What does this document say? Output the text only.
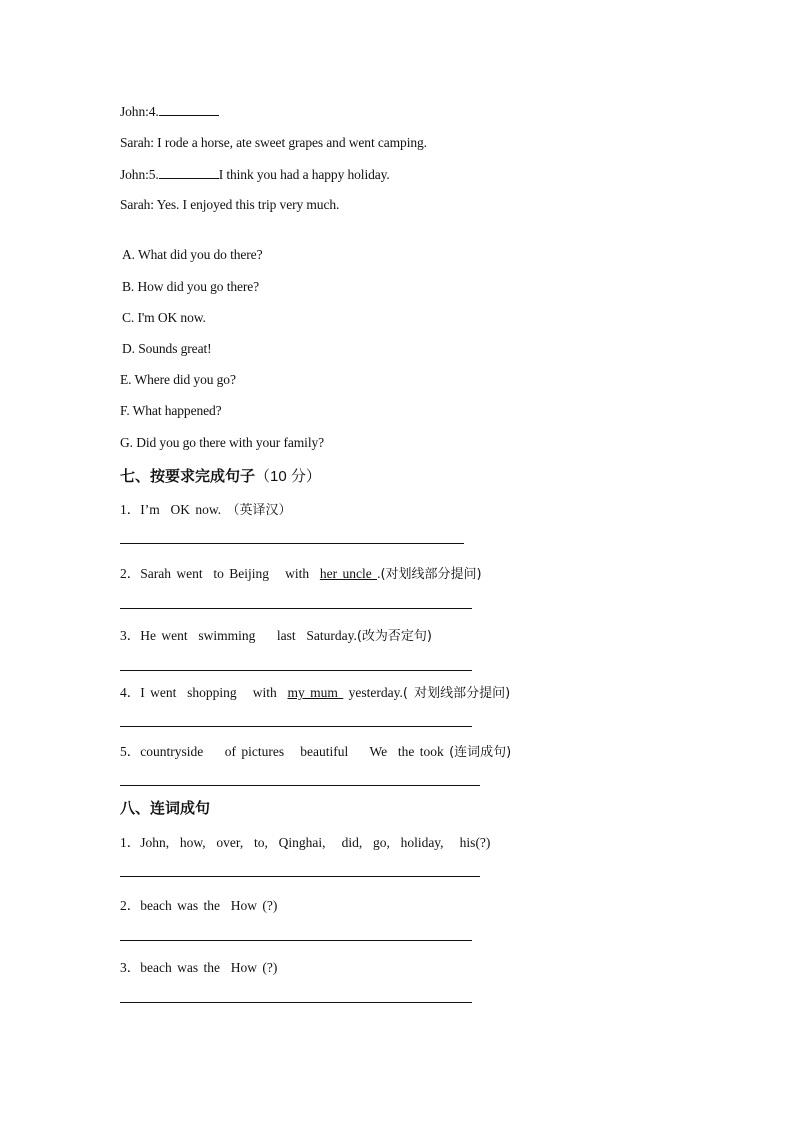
John:4.
Sarah: I rode a horse, ate sweet grapes and went camping.
John:5.	I think you had a happy holiday.
Sarah: Yes. I enjoyed this trip very much.
A. What did you do there?
B. How did you go there?
C. I'm OK now.
D. Sounds great!
E. Where did you go?
F. What happened?
G. Did you go there with your family?
七、按要求完成句子（10 分）
1．I’m  OK now. （英译汉）
2．Sarah went  to Beijing   with  her uncle .(对划线部分提问)
3．He went  swimming    last  Saturday.(改为否定句)
4．I went  shopping   with  my mum  yesterday.( 对划线部分提问)
5．countryside    of pictures   beautiful    We  the took (连词成句)
八、连词成句
1．John,  how,  over,  to,  Qinghai,   did,  go,  holiday,   his(?)
2．beach was the  How (?)
3．beach was the  How (?)
